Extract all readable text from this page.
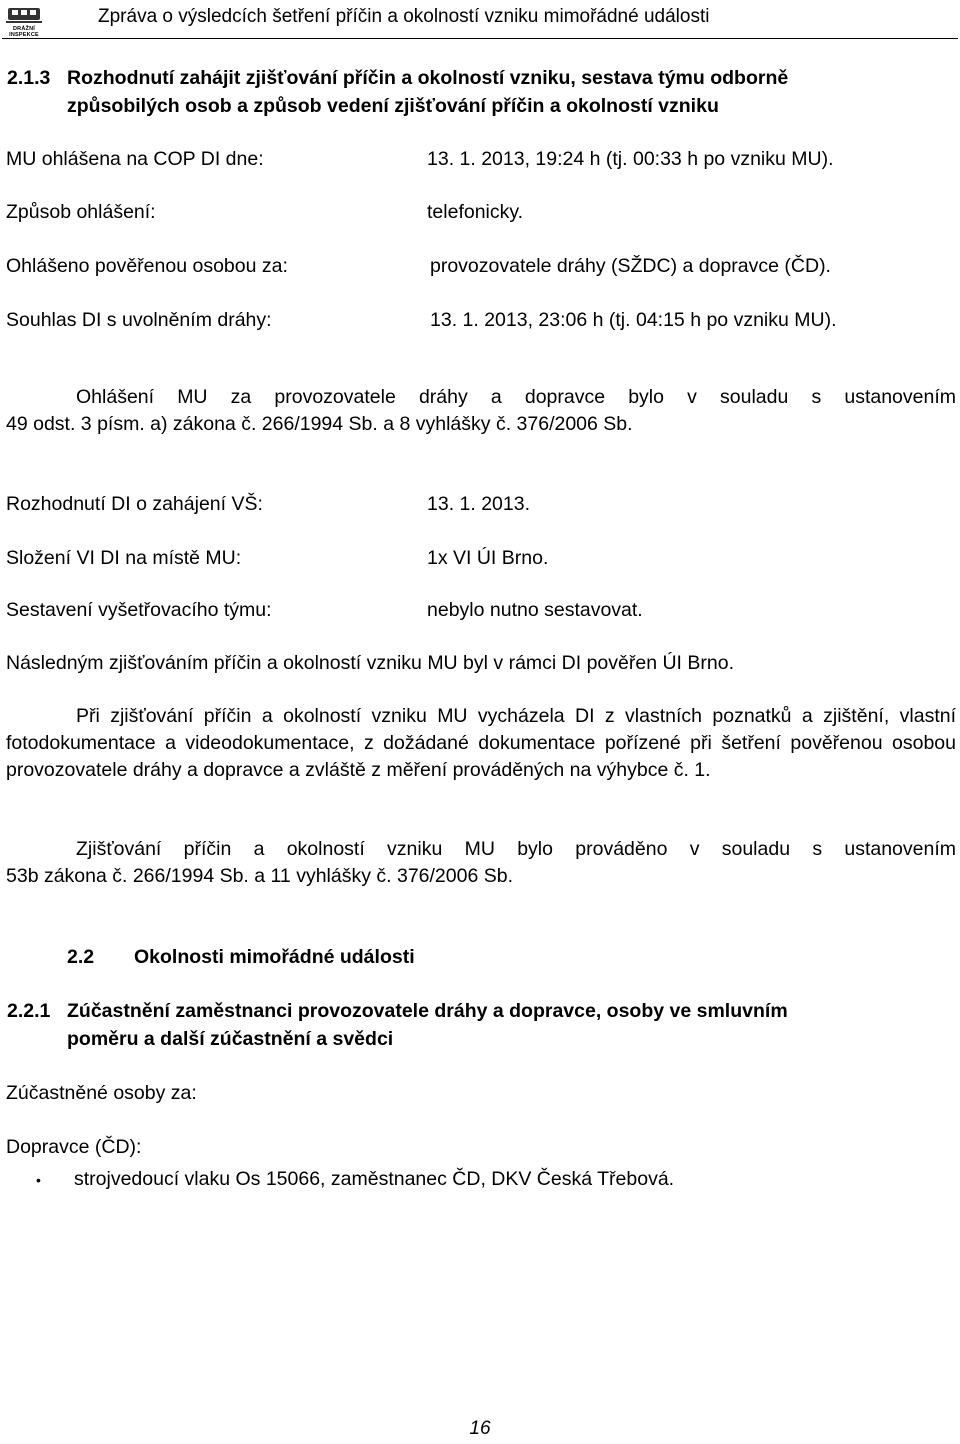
DRÁŽNÍ INSPEKCE
Zpráva o výsledcích šetření příčin a okolností vzniku mimořádné události
2.1.3 Rozhodnutí zahájit zjišťování příčin a okolností vzniku, sestava týmu odborně
způsobilých osob a způsob vedení zjišťování příčin a okolností vzniku
MU ohlášena na COP DI dne:	13. 1. 2013, 19:24 h (tj. 00:33 h po vzniku MU).
Způsob ohlášení:	telefonicky.
Ohlášeno pověřenou osobou za:	provozovatele dráhy (SŽDC) a dopravce (ČD).
Souhlas DI s uvolněním dráhy:	13. 1. 2013, 23:06 h (tj. 04:15 h po vzniku MU).
Ohlášení MU za provozovatele dráhy a dopravce bylo v souladu s ustanovením
49 odst. 3 písm. a) zákona č. 266/1994 Sb. a 8 vyhlášky č. 376/2006 Sb.
Rozhodnutí DI o zahájení VŠ:	13. 1. 2013.
Složení VI DI na místě MU:	1x VI ÚI Brno.
Sestavení vyšetřovacího týmu:	nebylo nutno sestavovat.
Následným zjišťováním příčin a okolností vzniku MU byl v rámci DI pověřen ÚI Brno.
Při zjišťování příčin a okolností vzniku MU vycházela DI z vlastních poznatků a zjištění, vlastní fotodokumentace a videodokumentace, z dožádané dokumentace pořízené při šetření pověřenou osobou provozovatele dráhy a dopravce a zvláště z měření prováděných na výhybce č. 1.
Zjišťování příčin a okolností vzniku MU bylo prováděno v souladu s ustanovením
53b zákona č. 266/1994 Sb. a 11 vyhlášky č. 376/2006 Sb.
2.2 Okolnosti mimořádné události
2.2.1 Zúčastnění zaměstnanci provozovatele dráhy a dopravce, osoby ve smluvním
poměru a další zúčastnění a svědci
Zúčastněné osoby za:
Dopravce (ČD):
• strojvedoucí vlaku Os 15066, zaměstnanec ČD, DKV Česká Třebová.
16
